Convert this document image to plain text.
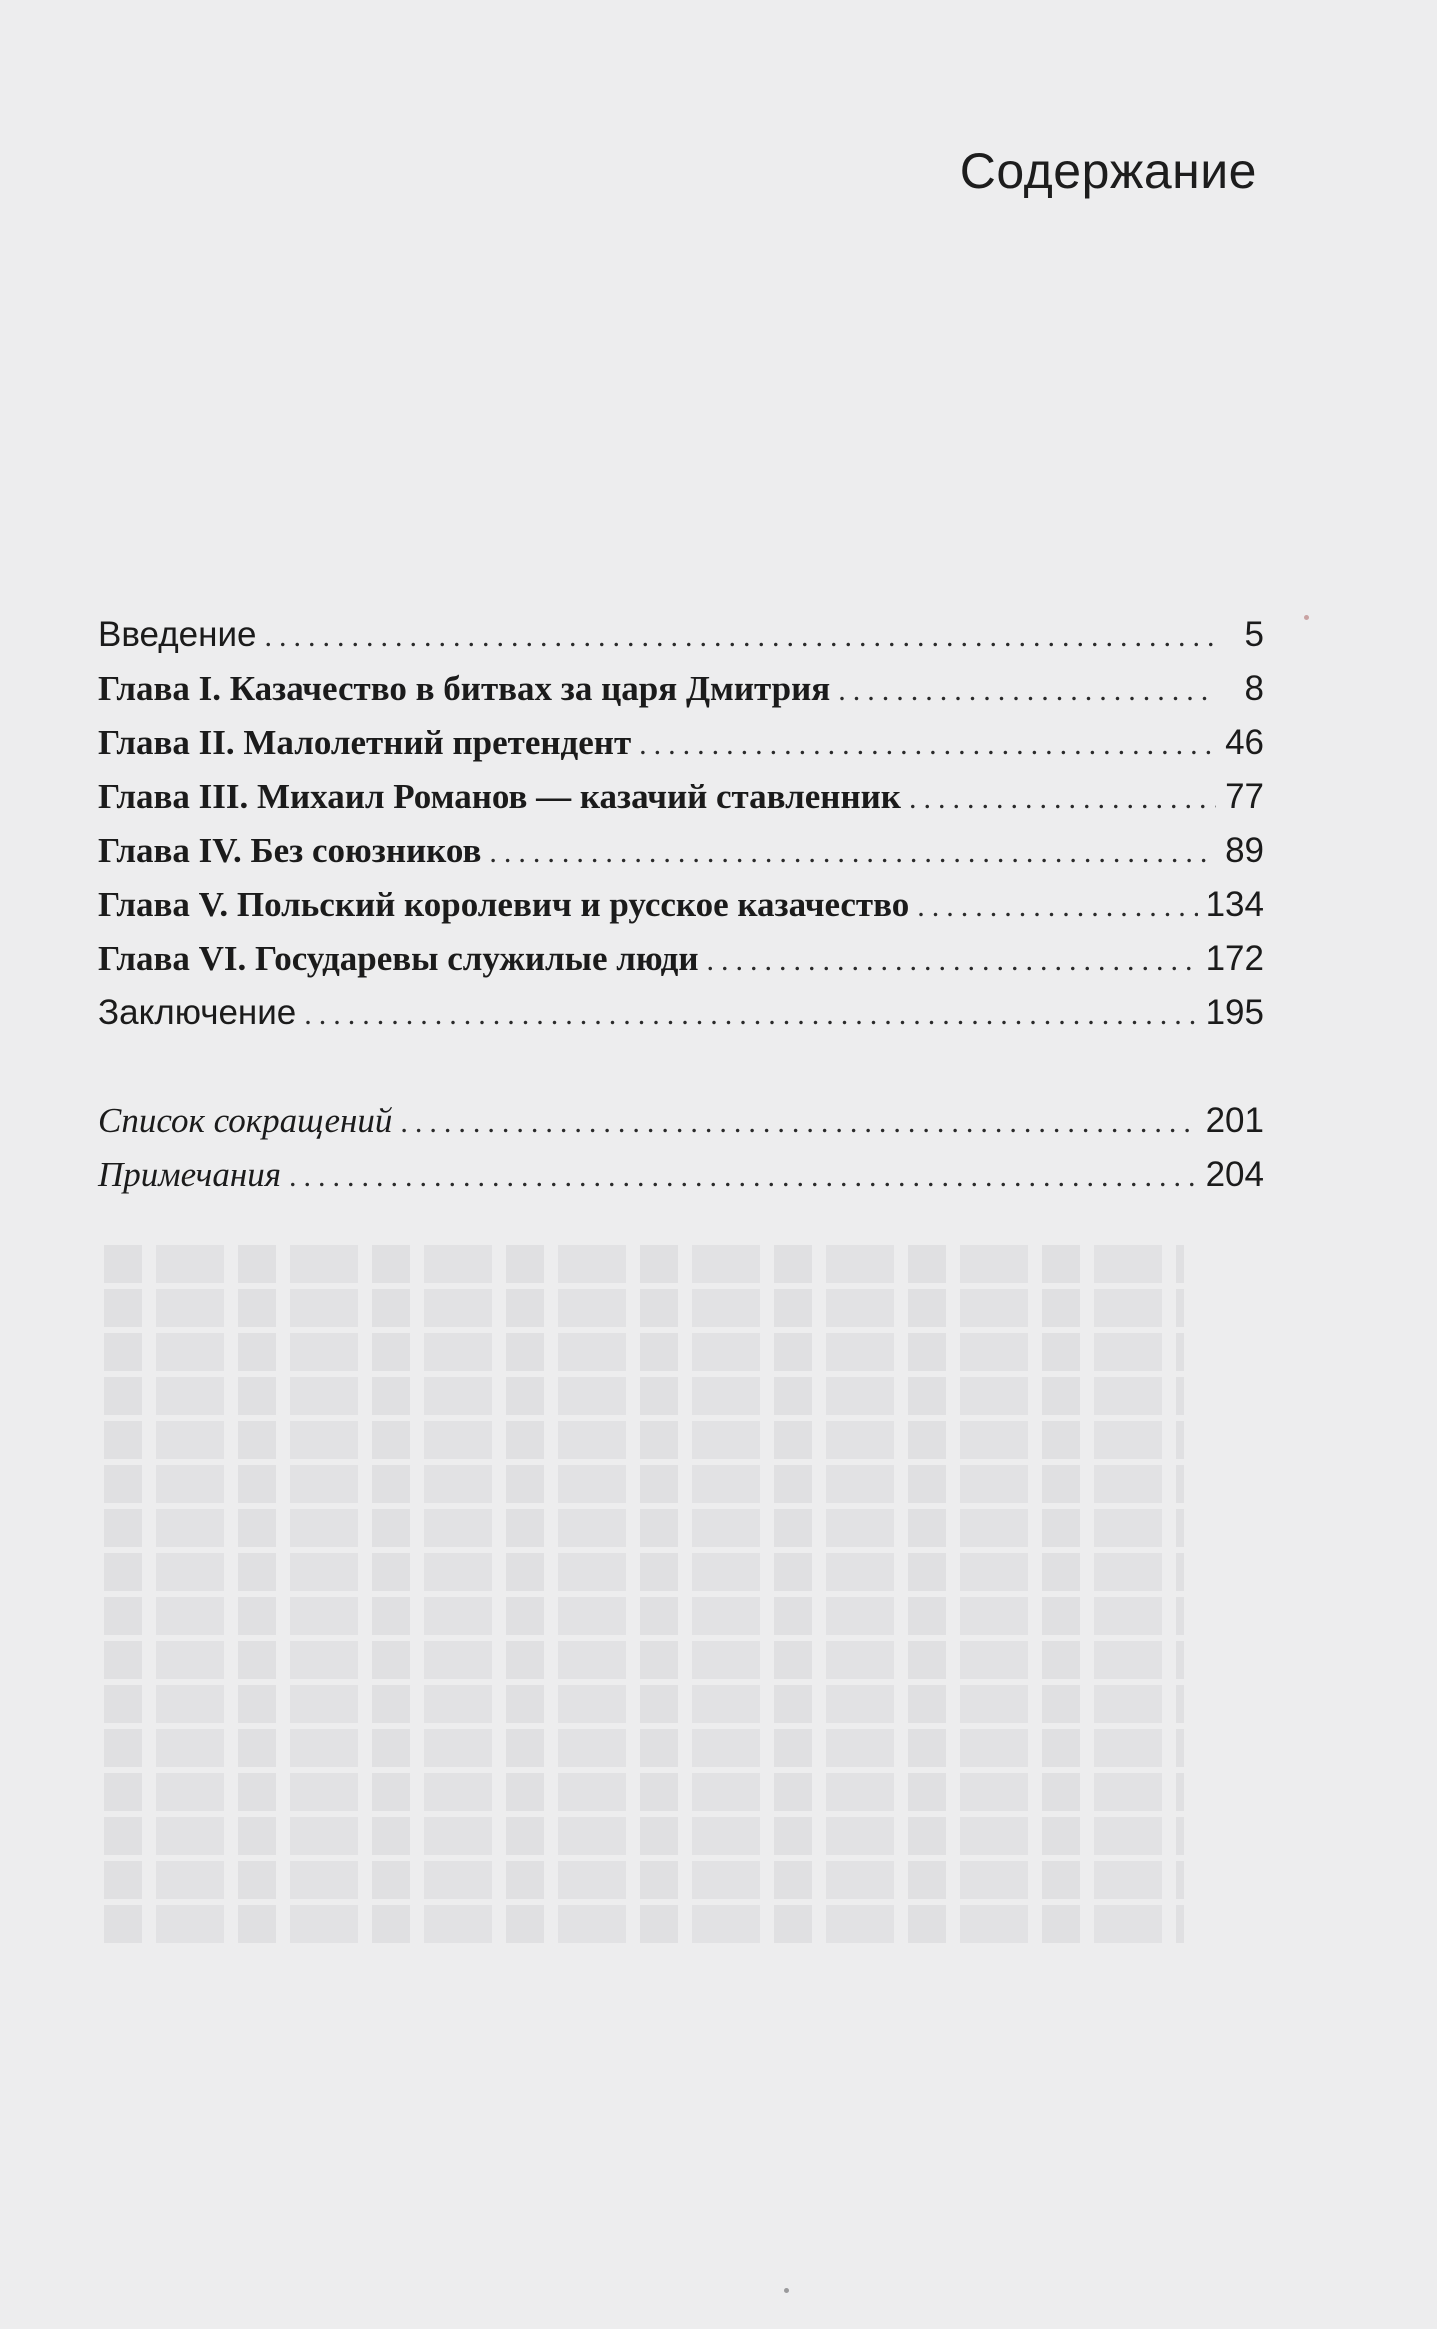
Содержание
Введение .....	5
Глава I. Казачество в битвах за царя Дмитрия .....	8
Глава II. Малолетний претендент .....	46
Глава III. Михаил Романов — казачий ставленник .....	77
Глава IV. Без союзников .....	89
Глава V. Польский королевич и русское казачество .....	134
Глава VI. Государевы служилые люди .....	172
Заключение .....	195
Список сокращений .....	201
Примечания .....	204
